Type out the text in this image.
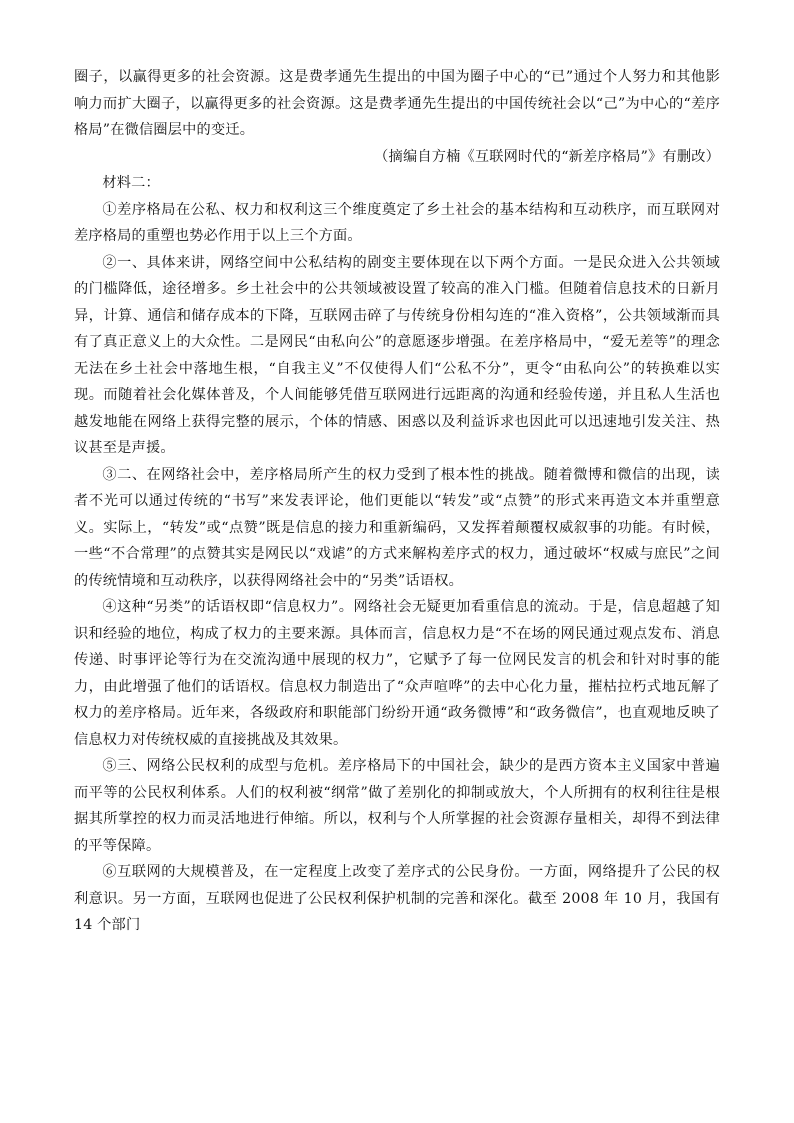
圈子，以赢得更多的社会资源。这是费孝通先生提出的中国为圈子中心的“已”通过个人努力和其他影响力而扩大圈子，以赢得更多的社会资源。这是费孝通先生提出的中国传统社会以“己”为中心的“差序格局”在微信圈层中的变迁。

（摘编自方楠《互联网时代的“新差序格局”》有删改）

材料二：

①差序格局在公私、权力和权利这三个维度奠定了乡土社会的基本结构和互动秩序，而互联网对差序格局的重塑也势必作用于以上三个方面。

②一、具体来讲，网络空间中公私结构的剧变主要体现在以下两个方面。一是民众进入公共领域的门槛降低，途径增多。乡土社会中的公共领域被设置了较高的准入门槛。但随着信息技术的日新月异，计算、通信和储存成本的下降，互联网击碎了与传统身份相勾连的“准入资格”，公共领域渐而具有了真正意义上的大众性。二是网民“由私向公”的意愿逐步增强。在差序格局中，“爱无差等”的理念无法在乡土社会中落地生根，“自我主义”不仅使得人们“公私不分”，更令“由私向公”的转换难以实现。而随着社会化媒体普及，个人间能够凭借互联网进行远距离的沟通和经验传递，并且私人生活也越发地能在网络上获得完整的展示，个体的情感、困惑以及利益诉求也因此可以迅速地引发关注、热议甚至是声援。

③二、在网络社会中，差序格局所产生的权力受到了根本性的挑战。随着微博和微信的出现，读者不光可以通过传统的“书写”来发表评论，他们更能以“转发”或“点赞”的形式来再造文本并重塑意义。实际上，“转发”或“点赞”既是信息的接力和重新编码，又发挥着颠覆权威叙事的功能。有时候，一些“不合常理”的点赞其实是网民以“戏谑”的方式来解构差序式的权力，通过破坏“权威与庶民”之间的传统情境和互动秩序，以获得网络社会中的“另类”话语权。

④这种“另类”的话语权即“信息权力”。网络社会无疑更加看重信息的流动。于是，信息超越了知识和经验的地位，构成了权力的主要来源。具体而言，信息权力是“不在场的网民通过观点发布、消息传递、时事评论等行为在交流沟通中展现的权力”，它赋予了每一位网民发言的机会和针对时事的能力，由此增强了他们的话语权。信息权力制造出了“众声喧哗”的去中心化力量，摧枯拉朽式地瓦解了权力的差序格局。近年来，各级政府和职能部门纷纷开通“政务微博”和“政务微信”，也直观地反映了信息权力对传统权威的直接挑战及其效果。

⑤三、网络公民权利的成型与危机。差序格局下的中国社会，缺少的是西方资本主义国家中普遍而平等的公民权利体系。人们的权利被“纲常”做了差别化的抑制或放大，个人所拥有的权利往往是根据其所掌控的权力而灵活地进行伸缩。所以，权利与个人所掌握的社会资源存量相关，却得不到法律的平等保障。

⑥互联网的大规模普及，在一定程度上改变了差序式的公民身份。一方面，网络提升了公民的权利意识。另一方面，互联网也促进了公民权利保护机制的完善和深化。截至 2008 年 10 月，我国有 14 个部门
